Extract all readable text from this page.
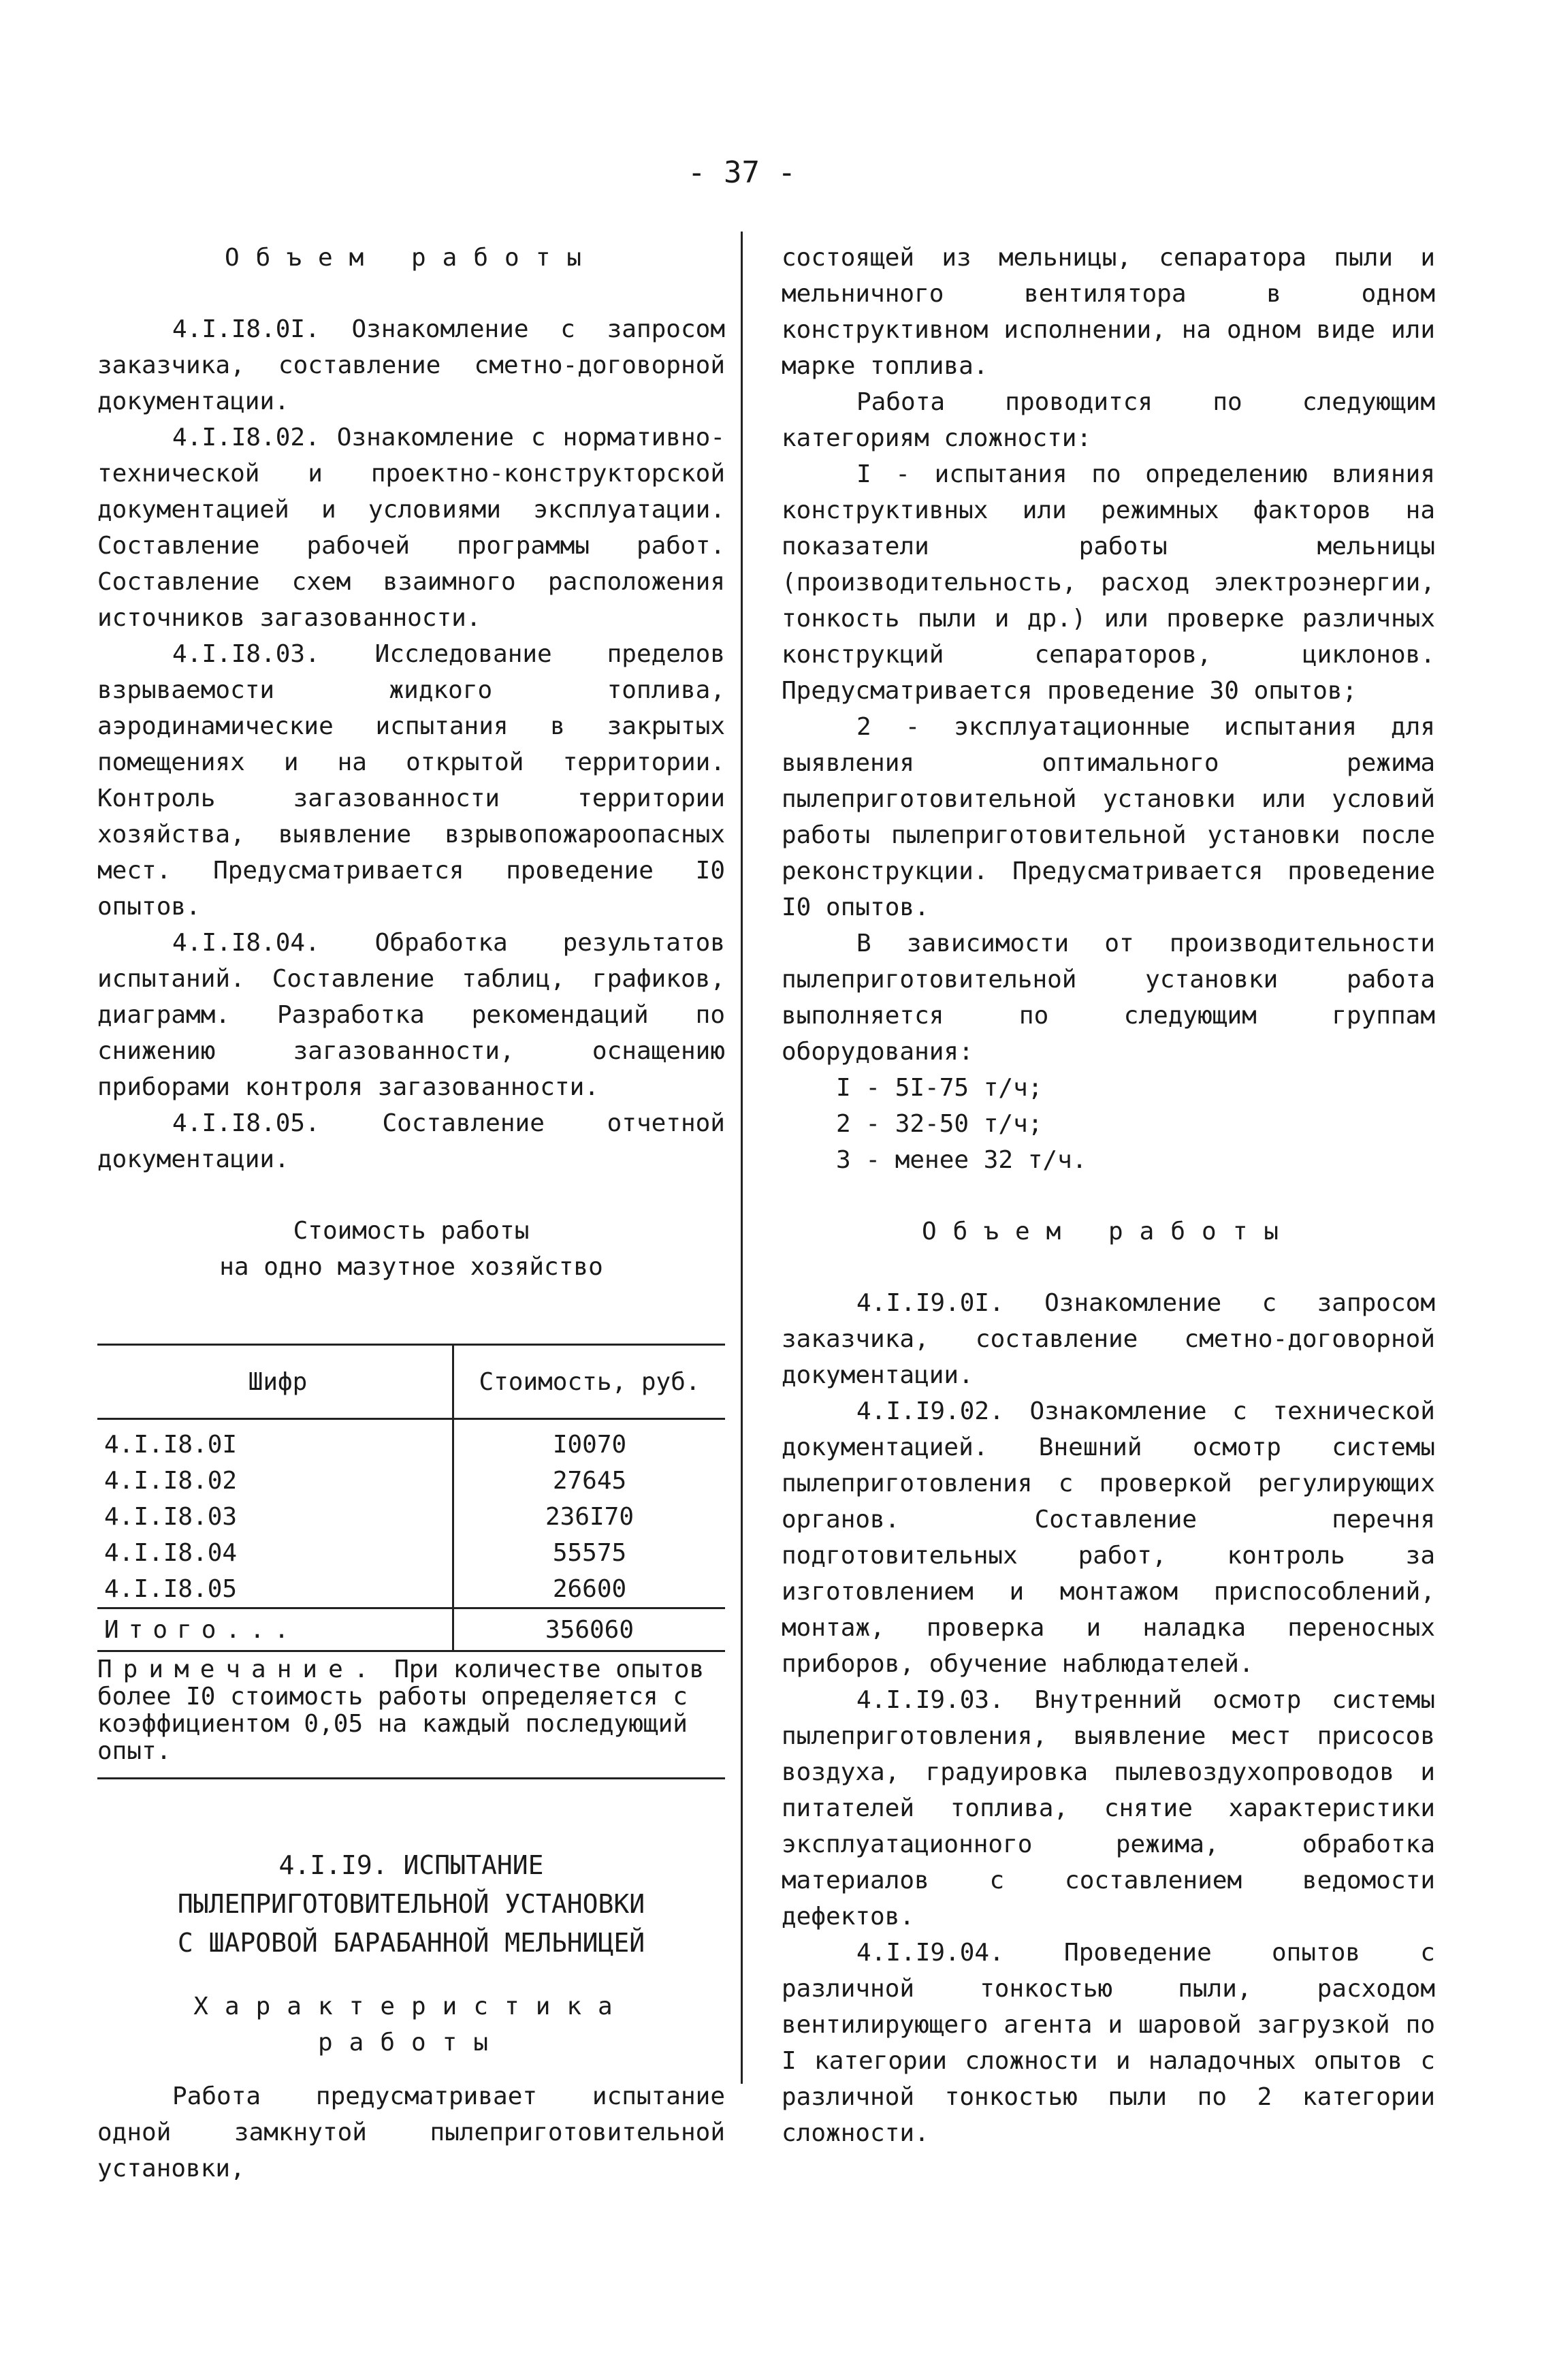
- 37 -

Объем работы

4.I.I8.0I. Ознакомление с запросом заказчика, составление сметно-договорной документации.

4.I.I8.02. Ознакомление с нормативно-технической и проектно-конструкторской документацией и условиями эксплуатации. Составление рабочей программы работ. Составление схем взаимного расположения источников загазованности.

4.I.I8.03. Исследование пределов взрываемости жидкого топлива, аэродинамические испытания в закрытых помещениях и на открытой территории. Контроль загазованности территории хозяйства, выявление взрывопожароопасных мест. Предусматривается проведение I0 опытов.

4.I.I8.04. Обработка результатов испытаний. Составление таблиц, графиков, диаграмм. Разработка рекомендаций по снижению загазованности, оснащению приборами контроля загазованности.

4.I.I8.05.	Составление отчетной документации.

Стоимость работы

на одно мазутное хозяйство

Шифр	Стоимость, руб.

4.I.I8.0I	I0070
4.I.I8.02	27645
4.I.I8.03	236I70
4.I.I8.04	55575
4.I.I8.05	26600
Итого...	356060
Примечание. При количестве опытов более I0 стоимость работы определяется с коэффициентом 0,05 на каждый последующий опыт.
4.I.I9. ИСПЫТАНИЕ
ПЫЛЕПРИГОТОВИТЕЛЬНОЙ УСТАНОВКИ
С ШАРОВОЙ БАРАБАННОЙ МЕЛЬНИЦЕЙ

Характеристика

работы

Работа предусматривает испытание одной замкнутой пылеприготовительной установки,

состоящей из мельницы, сепаратора пыли и мельничного вентилятора в одном конструктивном исполнении, на одном виде или марке топлива.

Работа проводится по следующим категориям сложности:

I - испытания по определению влияния конструктивных или режимных факторов на показатели работы мельницы (производительность, расход электроэнергии, тонкость пыли и др.) или проверке различных конструкций сепараторов, циклонов. Предусматривается проведение 30 опытов;

2 - эксплуатационные испытания для выявления оптимального режима пылеприготовительной установки или условий работы пылеприготовительной установки после реконструкции. Предусматривается проведение I0 опытов.

В зависимости от производительности пылеприготовительной установки работа выполняется по следующим группам оборудования:

I - 5I-75 т/ч;

2 - 32-50 т/ч;

3 - менее 32 т/ч.

Объем работы

4.I.I9.0I. Ознакомление с запросом заказчика, составление сметно-договорной документации.

4.I.I9.02. Ознакомление с технической документацией. Внешний осмотр системы пылеприготовления с проверкой регулирующих органов. Составление перечня подготовительных работ, контроль за изготовлением и монтажом приспособлений, монтаж, проверка и наладка переносных приборов, обучение наблюдателей.

4.I.I9.03. Внутренний осмотр системы пылеприготовления, выявление мест присосов воздуха, градуировка пылевоздухопроводов и питателей топлива, снятие характеристики эксплуатационного режима, обработка материалов с составлением ведомости дефектов.

4.I.I9.04. Проведение опытов с различной тонкостью пыли, расходом вентилирующего агента и шаровой загрузкой по I категории сложности и наладочных опытов с различной тонкостью пыли по 2 категории сложности.
